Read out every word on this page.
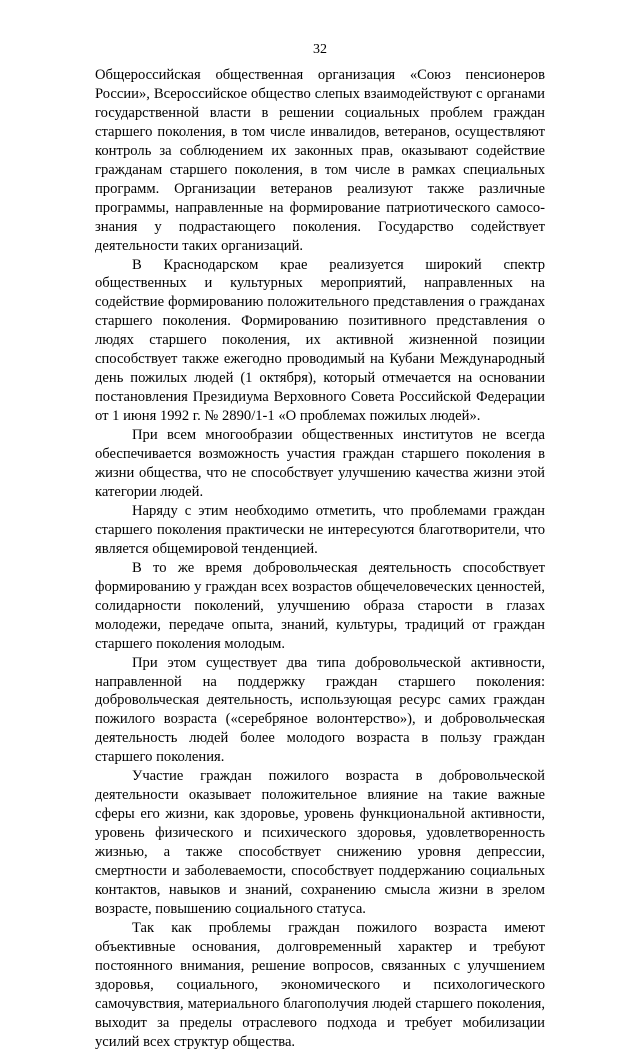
32

Общероссийская общественная организация «Союз пенсионеров России», Всероссийское общество слепых взаимодействуют с органами государственной власти в решении социальных проблем граждан старшего поколения, в том числе инвалидов, ветеранов, осуществляют контроль за соблюдением их законных прав, оказывают содействие гражданам старшего поколения, в том числе в рамках специальных программ. Организации ветеранов реализуют также различные программы, направленные на формирование патриотического самосознания у подрастающего поколения. Государство содействует деятельности таких организаций.

В Краснодарском крае реализуется широкий спектр общественных и культурных мероприятий, направленных на содействие формированию положительного представления о гражданах старшего поколения. Формированию позитивного представления о людях старшего поколения, их активной жизненной позиции способствует также ежегодно проводимый на Кубани Международный день пожилых людей (1 октября), который отмечается на основании постановления Президиума Верховного Совета Российской Федерации от 1 июня 1992 г. № 2890/1-1 «О проблемах пожилых людей».

При всем многообразии общественных институтов не всегда обеспечивается возможность участия граждан старшего поколения в жизни общества, что не способствует улучшению качества жизни этой категории людей.

Наряду с этим необходимо отметить, что проблемами граждан старшего поколения практически не интересуются благотворители, что является общемировой тенденцией.

В то же время добровольческая деятельность способствует формированию у граждан всех возрастов общечеловеческих ценностей, солидарности поколений, улучшению образа старости в глазах молодежи, передаче опыта, знаний, культуры, традиций от граждан старшего поколения молодым.

При этом существует два типа добровольческой активности, направленной на поддержку граждан старшего поколения: добровольческая деятельность, использующая ресурс самих граждан пожилого возраста («серебряное волонтерство»), и добровольческая деятельность людей более молодого возраста в пользу граждан старшего поколения.

Участие граждан пожилого возраста в добровольческой деятельности оказывает положительное влияние на такие важные сферы его жизни, как здоровье, уровень функциональной активности, уровень физического и психического здоровья, удовлетворенность жизнью, а также способствует снижению уровня депрессии, смертности и заболеваемости, способствует поддержанию социальных контактов, навыков и знаний, сохранению смысла жизни в зрелом возрасте, повышению социального статуса.

Так как проблемы граждан пожилого возраста имеют объективные основания, долговременный характер и требуют постоянного внимания, решение вопросов, связанных с улучшением здоровья, социального, экономического и психологического самочувствия, материального благополучия людей старшего поколения, выходит за пределы отраслевого подхода и требует мобилизации усилий всех структур общества.
